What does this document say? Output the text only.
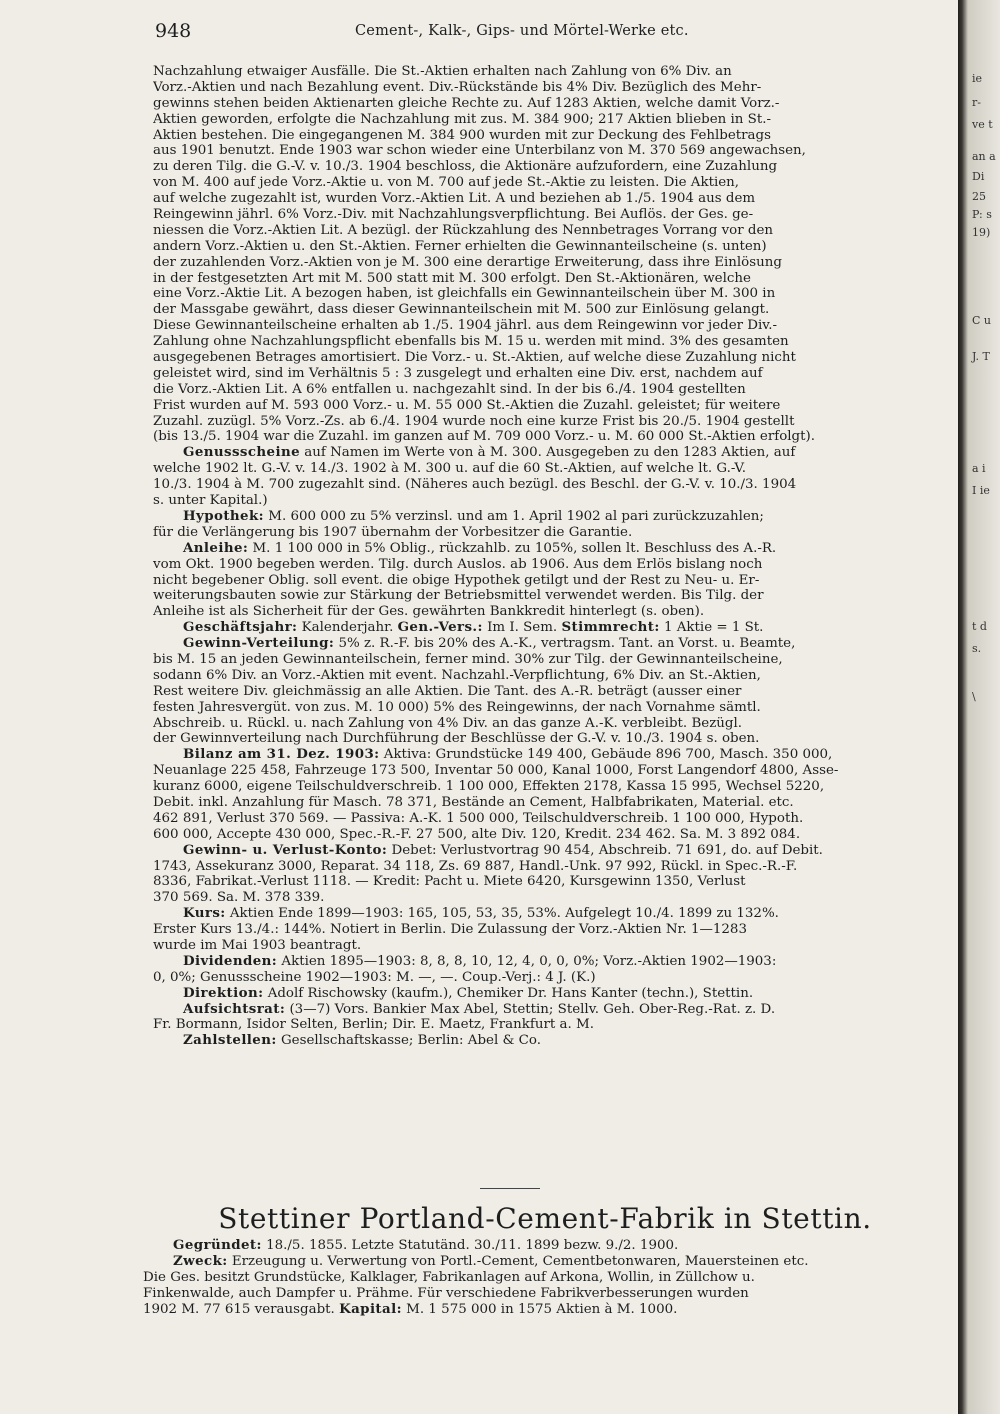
948	Cement-, Kalk-, Gips- und Mörtel-Werke etc.
Nachzahlung etwaiger Ausfälle. Die St.-Aktien erhalten nach Zahlung von 6% Div. an
Vorz.-Aktien und nach Bezahlung event. Div.-Rückstände bis 4% Div. Bezüglich des Mehr-
gewinns stehen beiden Aktienarten gleiche Rechte zu. Auf 1283 Aktien, welche damit Vorz.-
Aktien geworden, erfolgte die Nachzahlung mit zus. M. 384 900; 217 Aktien blieben in St.-
Aktien bestehen. Die eingegangenen M. 384 900 wurden mit zur Deckung des Fehlbetrags
aus 1901 benutzt. Ende 1903 war schon wieder eine Unterbilanz von M. 370 569 angewachsen,
zu deren Tilg. die G.-V. v. 10./3. 1904 beschloss, die Aktionäre aufzufordern, eine Zuzahlung
von M. 400 auf jede Vorz.-Aktie u. von M. 700 auf jede St.-Aktie zu leisten. Die Aktien,
auf welche zugezahlt ist, wurden Vorz.-Aktien Lit. A und beziehen ab 1./5. 1904 aus dem
Reingewinn jährl. 6% Vorz.-Div. mit Nachzahlungsverpflichtung. Bei Auflös. der Ges. ge-
niessen die Vorz.-Aktien Lit. A bezügl. der Rückzahlung des Nennbetrages Vorrang vor den
andern Vorz.-Aktien u. den St.-Aktien. Ferner erhielten die Gewinnanteilscheine (s. unten)
der zuzahlenden Vorz.-Aktien von je M. 300 eine derartige Erweiterung, dass ihre Einlösung
in der festgesetzten Art mit M. 500 statt mit M. 300 erfolgt. Den St.-Aktionären, welche
eine Vorz.-Aktie Lit. A bezogen haben, ist gleichfalls ein Gewinnanteilschein über M. 300 in
der Massgabe gewährt, dass dieser Gewinnanteilschein mit M. 500 zur Einlösung gelangt.
Diese Gewinnanteilscheine erhalten ab 1./5. 1904 jährl. aus dem Reingewinn vor jeder Div.-
Zahlung ohne Nachzahlungspflicht ebenfalls bis M. 15 u. werden mit mind. 3% des gesamten
ausgegebenen Betrages amortisiert. Die Vorz.- u. St.-Aktien, auf welche diese Zuzahlung nicht
geleistet wird, sind im Verhältnis 5 : 3 zusgelegt und erhalten eine Div. erst, nachdem auf
die Vorz.-Aktien Lit. A 6% entfallen u. nachgezahlt sind. In der bis 6./4. 1904 gestellten
Frist wurden auf M. 593 000 Vorz.- u. M. 55 000 St.-Aktien die Zuzahl. geleistet; für weitere
Zuzahl. zuzügl. 5% Vorz.-Zs. ab 6./4. 1904 wurde noch eine kurze Frist bis 20./5. 1904 gestellt
(bis 13./5. 1904 war die Zuzahl. im ganzen auf M. 709 000 Vorz.- u. M. 60 000 St.-Aktien erfolgt).
Genussscheine auf Namen im Werte von à M. 300. Ausgegeben zu den 1283 Aktien, auf
welche 1902 lt. G.-V. v. 14./3. 1902 à M. 300 u. auf die 60 St.-Aktien, auf welche lt. G.-V.
10./3. 1904 à M. 700 zugezahlt sind. (Näheres auch bezügl. des Beschl. der G.-V. v. 10./3. 1904
s. unter Kapital.)
Hypothek: M. 600 000 zu 5% verzinsl. und am 1. April 1902 al pari zurückzuzahlen;
für die Verlängerung bis 1907 übernahm der Vorbesitzer die Garantie.
Anleihe: M. 1 100 000 in 5% Oblig., rückzahlb. zu 105%, sollen lt. Beschluss des A.-R.
vom Okt. 1900 begeben werden. Tilg. durch Auslos. ab 1906. Aus dem Erlös bislang noch
nicht begebener Oblig. soll event. die obige Hypothek getilgt und der Rest zu Neu- u. Er-
weiterungsbauten sowie zur Stärkung der Betriebsmittel verwendet werden. Bis Tilg. der
Anleihe ist als Sicherheit für der Ges. gewährten Bankkredit hinterlegt (s. oben).
Geschäftsjahr: Kalenderjahr. Gen.-Vers.: Im I. Sem. Stimmrecht: 1 Aktie = 1 St.
Gewinn-Verteilung: 5% z. R.-F. bis 20% des A.-K., vertragsm. Tant. an Vorst. u. Beamte,
bis M. 15 an jeden Gewinnanteilschein, ferner mind. 30% zur Tilg. der Gewinnanteilscheine,
sodann 6% Div. an Vorz.-Aktien mit event. Nachzahl.-Verpflichtung, 6% Div. an St.-Aktien,
Rest weitere Div. gleichmässig an alle Aktien. Die Tant. des A.-R. beträgt (ausser einer
festen Jahresvergüt. von zus. M. 10 000) 5% des Reingewinns, der nach Vornahme sämtl.
Abschreib. u. Rückl. u. nach Zahlung von 4% Div. an das ganze A.-K. verbleibt. Bezügl.
der Gewinnverteilung nach Durchführung der Beschlüsse der G.-V. v. 10./3. 1904 s. oben.
Bilanz am 31. Dez. 1903: Aktiva: Grundstücke 149 400, Gebäude 896 700, Masch. 350 000,
Neuanlage 225 458, Fahrzeuge 173 500, Inventar 50 000, Kanal 1000, Forst Langendorf 4800, Asse-
kuranz 6000, eigene Teilschuldverschreib. 1 100 000, Effekten 2178, Kassa 15 995, Wechsel 5220,
Debit. inkl. Anzahlung für Masch. 78 371, Bestände an Cement, Halbfabrikaten, Material. etc.
462 891, Verlust 370 569. — Passiva: A.-K. 1 500 000, Teilschuldverschreib. 1 100 000, Hypoth.
600 000, Accepte 430 000, Spec.-R.-F. 27 500, alte Div. 120, Kredit. 234 462. Sa. M. 3 892 084.
Gewinn- u. Verlust-Konto: Debet: Verlustvortrag 90 454, Abschreib. 71 691, do. auf Debit.
1743, Assekuranz 3000, Reparat. 34 118, Zs. 69 887, Handl.-Unk. 97 992, Rückl. in Spec.-R.-F.
8336, Fabrikat.-Verlust 1118. — Kredit: Pacht u. Miete 6420, Kursgewinn 1350, Verlust
370 569. Sa. M. 378 339.
Kurs: Aktien Ende 1899—1903: 165, 105, 53, 35, 53%. Aufgelegt 10./4. 1899 zu 132%.
Erster Kurs 13./4.: 144%. Notiert in Berlin. Die Zulassung der Vorz.-Aktien Nr. 1—1283
wurde im Mai 1903 beantragt.
Dividenden: Aktien 1895—1903: 8, 8, 8, 10, 12, 4, 0, 0, 0%; Vorz.-Aktien 1902—1903:
0, 0%; Genussscheine 1902—1903: M. —, —. Coup.-Verj.: 4 J. (K.)
Direktion: Adolf Rischowsky (kaufm.), Chemiker Dr. Hans Kanter (techn.), Stettin.
Aufsichtsrat: (3—7) Vors. Bankier Max Abel, Stettin; Stellv. Geh. Ober-Reg.-Rat. z. D.
Fr. Bormann, Isidor Selten, Berlin; Dir. E. Maetz, Frankfurt a. M.
Zahlstellen: Gesellschaftskasse; Berlin: Abel & Co.
Stettiner Portland-Cement-Fabrik in Stettin.
Gegründet: 18./5. 1855. Letzte Statutänd. 30./11. 1899 bezw. 9./2. 1900.
Zweck: Erzeugung u. Verwertung von Portl.-Cement, Cementbetonwaren, Mauersteinen etc.
Die Ges. besitzt Grundstücke, Kalklager, Fabrikanlagen auf Arkona, Wollin, in Züllchow u.
Finkenwalde, auch Dampfer u. Prähme. Für verschiedene Fabrikverbesserungen wurden
1902 M. 77 615 verausgabt. Kapital: M. 1 575 000 in 1575 Aktien à M. 1000.
ie
r-
ve t
an a
Di
25
P: s
19)
C u
J. T
a i
I ie
t d
s.
\
